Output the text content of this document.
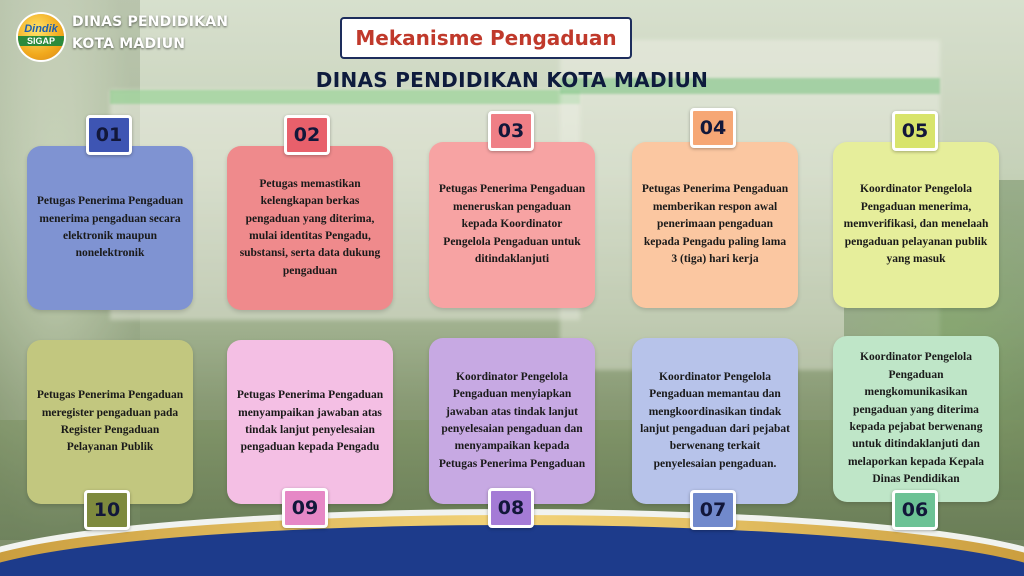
Dindik
SIGAP
DINAS PENDIDIKAN
KOTA MADIUN	Mekanisme Pengaduan
DINAS PENDIDIKAN KOTA MADIUN

Petugas Penerima Pengaduan menerima pengaduan secara elektronik maupun nonelektronik

01

Petugas memastikan kelengkapan berkas pengaduan yang diterima, mulai identitas Pengadu, substansi, serta data dukung pengaduan

02

Petugas Penerima Pengaduan meneruskan pengaduan kepada Koordinator Pengelola Pengaduan untuk ditindaklanjuti

03

Petugas Penerima Pengaduan memberikan respon awal penerimaan pengaduan kepada Pengadu paling lama 3 (tiga) hari kerja

04

Koordinator Pengelola Pengaduan menerima, memverifikasi, dan menelaah pengaduan pelayanan publik yang masuk

05

Petugas Penerima Pengaduan meregister pengaduan pada Register Pengaduan Pelayanan Publik

10

Petugas Penerima Pengaduan menyampaikan jawaban atas tindak lanjut penyelesaian pengaduan kepada Pengadu

09

Koordinator Pengelola Pengaduan menyiapkan jawaban atas tindak lanjut penyelesaian pengaduan dan menyampaikan kepada Petugas Penerima Pengaduan

08

Koordinator Pengelola Pengaduan memantau dan mengkoordinasikan tindak lanjut pengaduan dari pejabat berwenang terkait penyelesaian pengaduan.

07

Koordinator Pengelola Pengaduan mengkomunikasikan pengaduan yang diterima kepada pejabat berwenang untuk ditindaklanjuti dan melaporkan kepada Kepala Dinas Pendidikan

06
